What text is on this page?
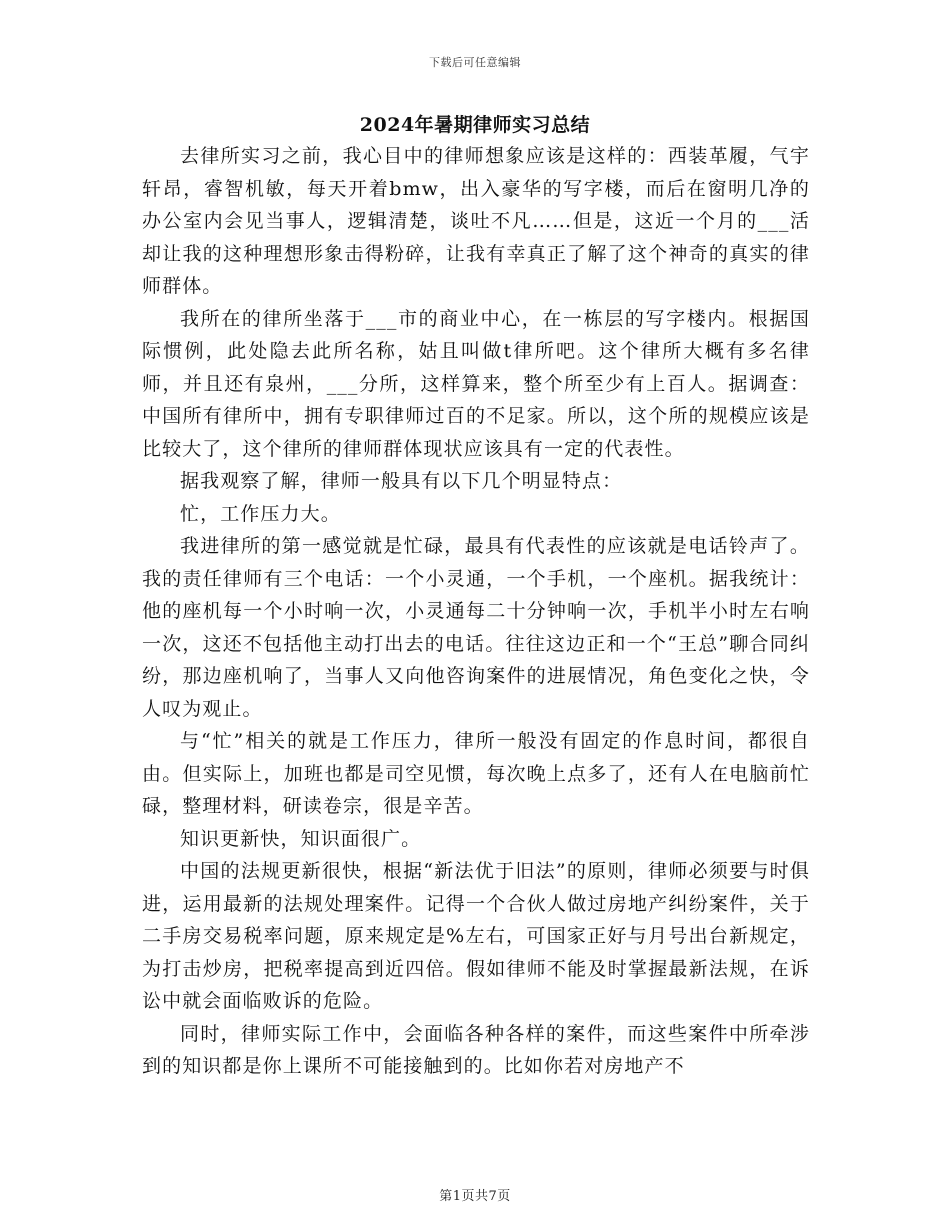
下载后可任意编辑
2024年暑期律师实习总结

去律所实习之前，我心目中的律师想象应该是这样的：西装革履，气宇轩昂，睿智机敏，每天开着bmw，出入豪华的写字楼，而后在窗明几净的办公室内会见当事人，逻辑清楚，谈吐不凡……但是，这近一个月的___活却让我的这种理想形象击得粉碎，让我有幸真正了解了这个神奇的真实的律师群体。

我所在的律所坐落于___市的商业中心，在一栋层的写字楼内。根据国际惯例，此处隐去此所名称，姑且叫做t律所吧。这个律所大概有多名律师，并且还有泉州，___分所，这样算来，整个所至少有上百人。据调查：中国所有律所中，拥有专职律师过百的不足家。所以，这个所的规模应该是比较大了，这个律所的律师群体现状应该具有一定的代表性。

据我观察了解，律师一般具有以下几个明显特点：

忙，工作压力大。

我进律所的第一感觉就是忙碌，最具有代表性的应该就是电话铃声了。我的责任律师有三个电话：一个小灵通，一个手机，一个座机。据我统计：他的座机每一个小时响一次，小灵通每二十分钟响一次，手机半小时左右响一次，这还不包括他主动打出去的电话。往往这边正和一个“王总”聊合同纠纷，那边座机响了，当事人又向他咨询案件的进展情况，角色变化之快，令人叹为观止。

与“忙”相关的就是工作压力，律所一般没有固定的作息时间，都很自由。但实际上，加班也都是司空见惯，每次晚上点多了，还有人在电脑前忙碌，整理材料，研读卷宗，很是辛苦。

知识更新快，知识面很广。

中国的法规更新很快，根据“新法优于旧法”的原则，律师必须要与时俱进，运用最新的法规处理案件。记得一个合伙人做过房地产纠纷案件，关于二手房交易税率问题，原来规定是%左右，可国家正好与月号出台新规定，为打击炒房，把税率提高到近四倍。假如律师不能及时掌握最新法规，在诉讼中就会面临败诉的危险。

同时，律师实际工作中，会面临各种各样的案件，而这些案件中所牵涉到的知识都是你上课所不可能接触到的。比如你若对房地产不

第1页共7页
